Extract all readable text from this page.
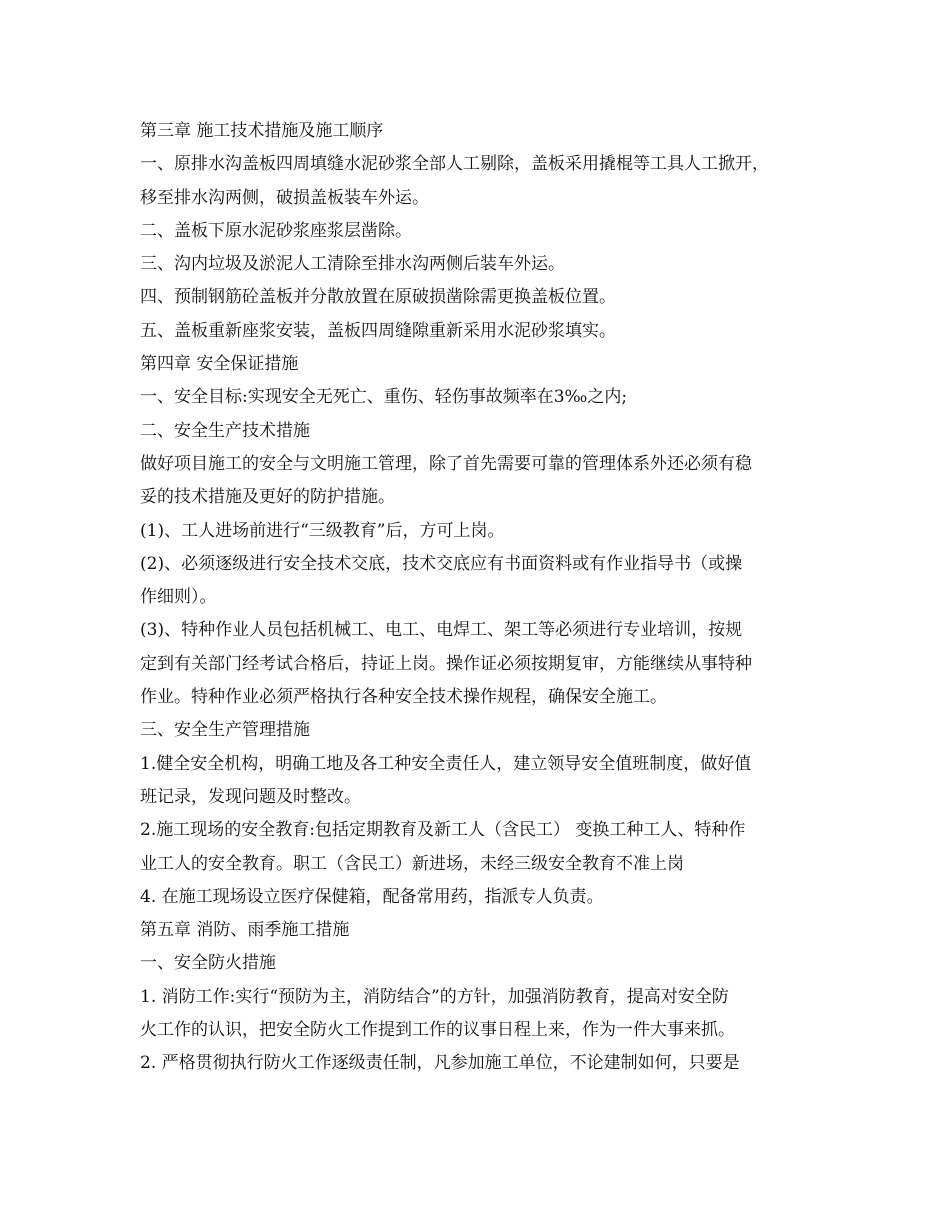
第三章 施工技术措施及施工顺序
一、原排水沟盖板四周填缝水泥砂浆全部人工剔除，盖板采用撬棍等工具人工掀开，
移至排水沟两侧，破损盖板装车外运。
二、盖板下原水泥砂浆座浆层凿除。
三、沟内垃圾及淤泥人工清除至排水沟两侧后装车外运。
四、预制钢筋砼盖板并分散放置在原破损凿除需更换盖板位置。
五、盖板重新座浆安装，盖板四周缝隙重新采用水泥砂浆填实。
第四章 安全保证措施
一、安全目标:实现安全无死亡、重伤、轻伤事故频率在3‰之内;
二、安全生产技术措施
做好项目施工的安全与文明施工管理，除了首先需要可靠的管理体系外还必须有稳
妥的技术措施及更好的防护措施。
(1)、工人进场前进行“三级教育”后，方可上岗。
(2)、必须逐级进行安全技术交底，技术交底应有书面资料或有作业指导书（或操
作细则）。
(3)、特种作业人员包括机械工、电工、电焊工、架工等必须进行专业培训，按规
定到有关部门经考试合格后，持证上岗。操作证必须按期复审，方能继续从事特种
作业。特种作业必须严格执行各种安全技术操作规程，确保安全施工。
三、安全生产管理措施
1.健全安全机构，明确工地及各工种安全责任人，建立领导安全值班制度，做好值
班记录，发现问题及时整改。
2.施工现场的安全教育:包括定期教育及新工人（含民工） 变换工种工人、特种作
业工人的安全教育。职工（含民工）新进场，未经三级安全教育不准上岗
4. 在施工现场设立医疗保健箱，配备常用药，指派专人负责。
第五章 消防、雨季施工措施
一、安全防火措施
1. 消防工作:实行“预防为主，消防结合”的方针，加强消防教育，提高对安全防
火工作的认识，把安全防火工作提到工作的议事日程上来，作为一件大事来抓。
2. 严格贯彻执行防火工作逐级责任制，凡参加施工单位，不论建制如何，只要是
